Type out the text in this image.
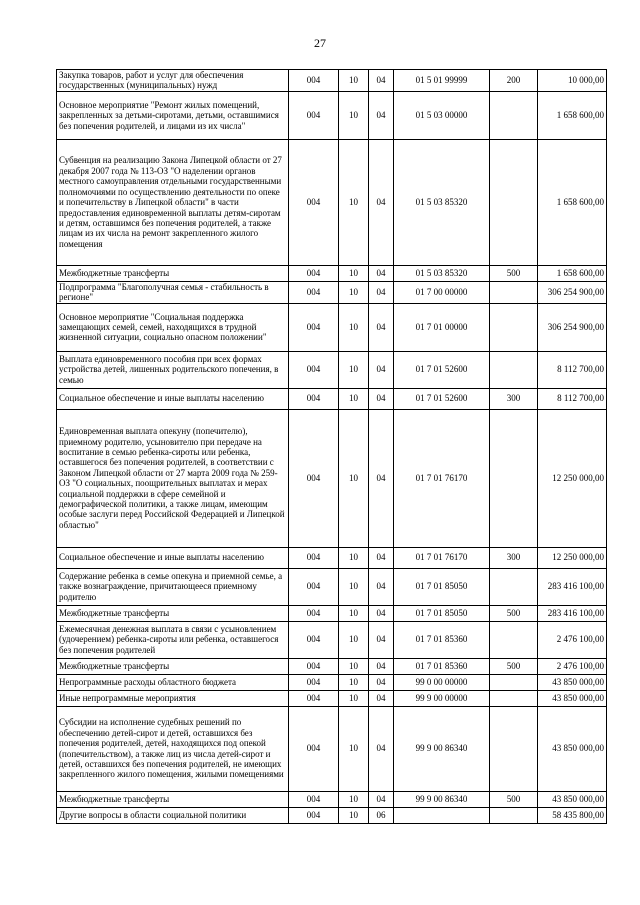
27
Закупка товаров, работ и услуг для обеспечения государственных (муниципальных) нужд	004	10	04	01 5 01 99999	200	10 000,00
Основное мероприятие "Ремонт жилых помещений, закрепленных за детьми-сиротами, детьми, оставшимися без попечения родителей, и лицами из их числа"	004	10	04	01 5 03 00000		1 658 600,00
Субвенция на реализацию Закона Липецкой области от 27 декабря 2007 года № 113-ОЗ "О наделении органов местного самоуправления отдельными государственными полномочиями по осуществлению деятельности по опеке и попечительству в Липецкой области" в части предоставления единовременной выплаты детям-сиротам и детям, оставшимся без попечения родителей, а также лицам из их числа на ремонт закрепленного жилого помещения	004	10	04	01 5 03 85320		1 658 600,00
Межбюджетные трансферты	004	10	04	01 5 03 85320	500	1 658 600,00
Подпрограмма "Благополучная семья - стабильность в регионе"	004	10	04	01 7 00 00000		306 254 900,00
Основное мероприятие "Социальная поддержка замещающих семей, семей, находящихся в трудной жизненной ситуации, социально опасном положении"	004	10	04	01 7 01 00000		306 254 900,00
Выплата единовременного пособия при всех формах устройства детей, лишенных родительского попечения, в семью	004	10	04	01 7 01 52600		8 112 700,00
Социальное обеспечение и иные выплаты населению	004	10	04	01 7 01 52600	300	8 112 700,00
Единовременная выплата опекуну (попечителю), приемному родителю, усыновителю при передаче на воспитание в семью ребенка-сироты или ребенка, оставшегося без попечения родителей, в соответствии с Законом Липецкой области от 27 марта 2009 года № 259-ОЗ "О социальных, поощрительных выплатах и мерах социальной поддержки в сфере семейной и демографической политики, а также лицам, имеющим особые заслуги перед Российской Федерацией и Липецкой областью"	004	10	04	01 7 01 76170		12 250 000,00
Социальное обеспечение и иные выплаты населению	004	10	04	01 7 01 76170	300	12 250 000,00
Содержание ребенка в семье опекуна и приемной семье, а также вознаграждение, причитающееся приемному родителю	004	10	04	01 7 01 85050		283 416 100,00
Межбюджетные трансферты	004	10	04	01 7 01 85050	500	283 416 100,00
Ежемесячная денежная выплата в связи с усыновлением (удочерением) ребенка-сироты или ребенка, оставшегося без попечения родителей	004	10	04	01 7 01 85360		2 476 100,00
Межбюджетные трансферты	004	10	04	01 7 01 85360	500	2 476 100,00
Непрограммные расходы областного бюджета	004	10	04	99 0 00 00000		43 850 000,00
Иные непрограммные мероприятия	004	10	04	99 9 00 00000		43 850 000,00
Субсидии на исполнение судебных решений по обеспечению детей-сирот и детей, оставшихся без попечения родителей, детей, находящихся под опекой (попечительством), а также лиц из числа детей-сирот и детей, оставшихся без попечения родителей, не имеющих закрепленного жилого помещения, жилыми помещениями	004	10	04	99 9 00 86340		43 850 000,00
Межбюджетные трансферты	004	10	04	99 9 00 86340	500	43 850 000,00
Другие вопросы в области социальной политики	004	10	06			58 435 800,00
